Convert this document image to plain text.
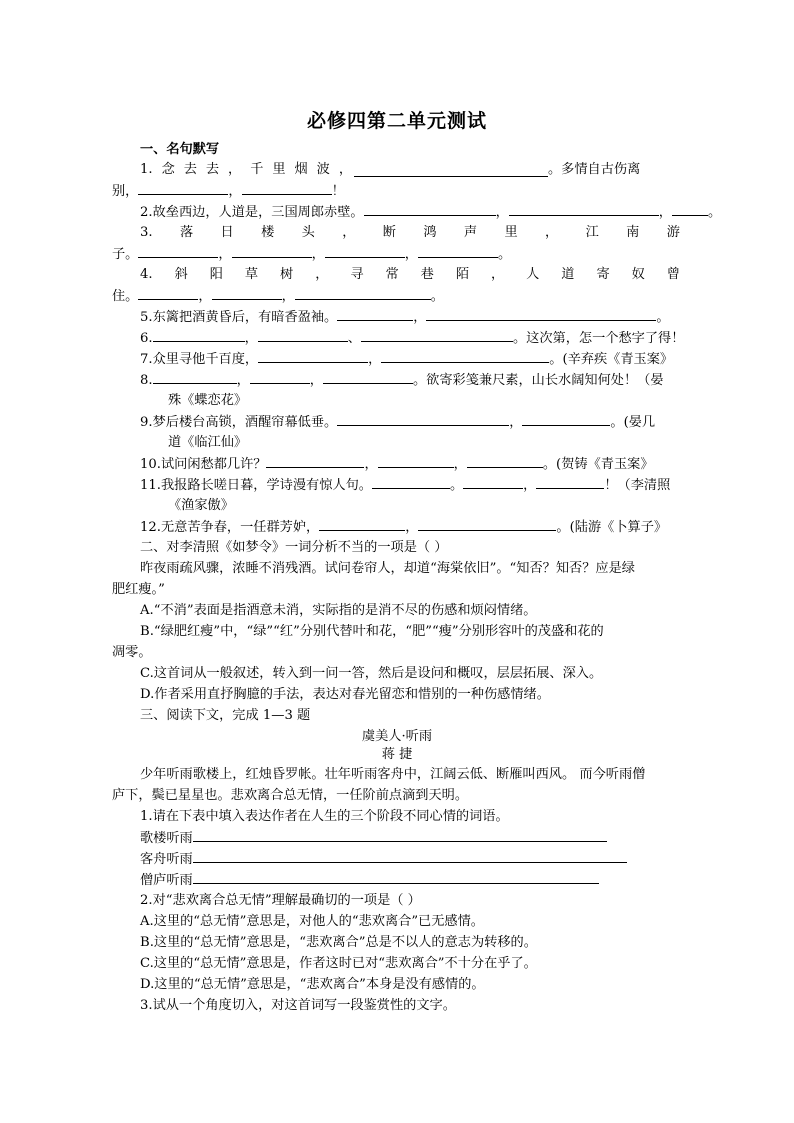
必修四第二单元测试
一、名句默写
1. 念 去 去 ， 千 里 烟 波 ，	。多情自古伤离
别，	，	！
2.故垒西边，人道是，三国周郎赤壁。	，	，	。
3. 落 日 楼 头 ， 断 鸿 声 里 ， 江 南 游
子。	，	，	，	。
4. 斜 阳 草 树 ， 寻 常 巷 陌 ， 人 道 寄 奴 曾
住。	，	，	。
5.东篱把酒黄昏后，有暗香盈袖。	，	。
6.	，	、	。这次第，怎一个愁字了得！
7.众里寻他千百度，	，	。(辛弃疾《青玉案》
8.	，	，	。欲寄彩笺兼尺素，山长水阔知何处！（晏
殊《蝶恋花》
9.梦后楼台高锁，酒醒帘幕低垂。	，	。(晏几
道《临江仙》
10.试问闲愁都几许？	，	，	。(贺铸《青玉案》
11.我报路长嗟日暮，学诗漫有惊人句。	。	，	！（李清照
《渔家傲》
12.无意苦争春，一任群芳妒，	，	。(陆游《卜算子》
二、对李清照《如梦令》一词分析不当的一项是（ ）
昨夜雨疏风骤，浓睡不消残酒。试问卷帘人，却道“海棠依旧”。“知否？知否？应是绿
肥红瘦。”
A.“不消”表面是指酒意未消，实际指的是消不尽的伤感和烦闷情绪。
B.“绿肥红瘦”中，“绿”“红”分别代替叶和花，“肥”“瘦”分别形容叶的茂盛和花的
凋零。
C.这首词从一般叙述，转入到一问一答，然后是设问和概叹，层层拓展、深入。
D.作者采用直抒胸臆的手法，表达对春光留恋和惜别的一种伤感情绪。
三、阅读下文，完成 1—3 题
虞美人·听雨
蒋 捷
少年听雨歌楼上，红烛昏罗帐。壮年听雨客舟中，江阔云低、断雁叫西风。 而今听雨僧
庐下，鬓已星星也。悲欢离合总无情，一任阶前点滴到天明。
1.请在下表中填入表达作者在人生的三个阶段不同心情的词语。
歌楼听雨
客舟听雨
僧庐听雨
2.对“悲欢离合总无情”理解最确切的一项是（ ）
A.这里的“总无情”意思是，对他人的“悲欢离合”已无感情。
B.这里的“总无情”意思是，“悲欢离合”总是不以人的意志为转移的。
C.这里的“总无情”意思是，作者这时已对“悲欢离合”不十分在乎了。
D.这里的“总无情”意思是，“悲欢离合”本身是没有感情的。
3.试从一个角度切入，对这首词写一段鉴赏性的文字。
